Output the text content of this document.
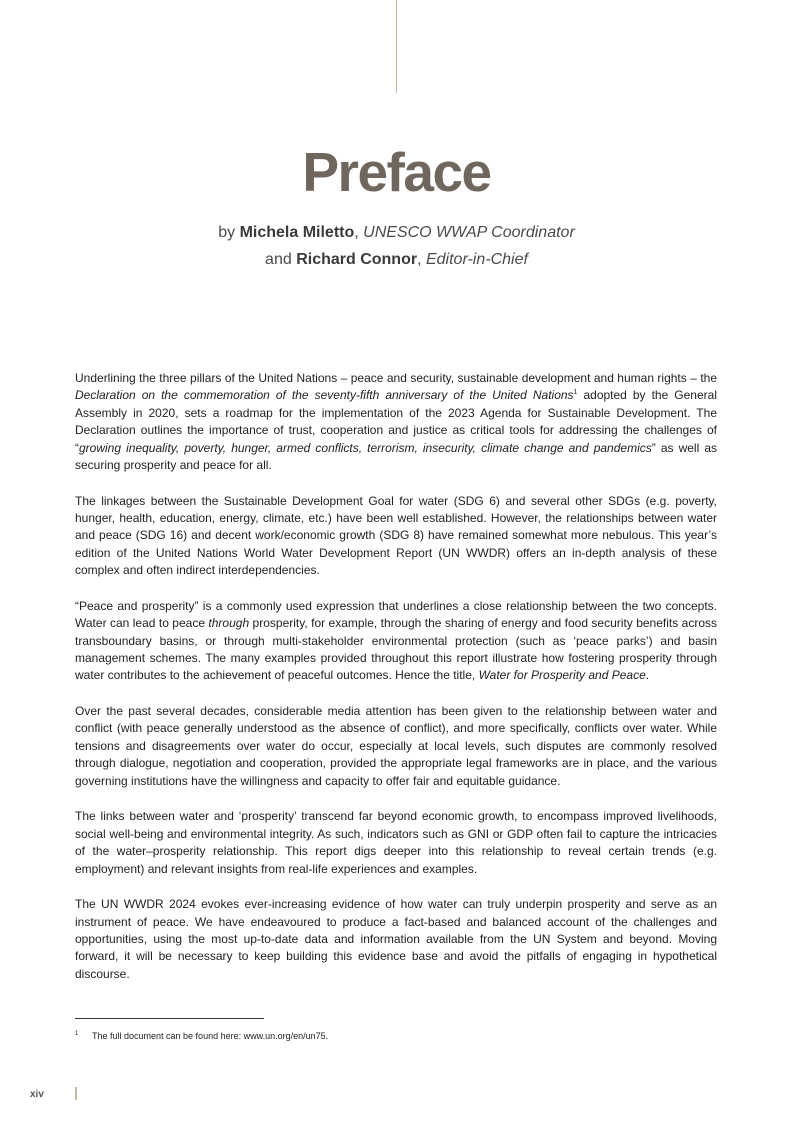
Preface
by Michela Miletto, UNESCO WWAP Coordinator
and Richard Connor, Editor-in-Chief

Underlining the three pillars of the United Nations – peace and security, sustainable development and human rights – the Declaration on the commemoration of the seventy-fifth anniversary of the United Nations$^1$ adopted by the General Assembly in 2020, sets a roadmap for the implementation of the 2023 Agenda for Sustainable Development. The Declaration outlines the importance of trust, cooperation and justice as critical tools for addressing the challenges of “growing inequality, poverty, hunger, armed conflicts, terrorism, insecurity, climate change and pandemics” as well as securing prosperity and peace for all.

The linkages between the Sustainable Development Goal for water (SDG 6) and several other SDGs (e.g. poverty, hunger, health, education, energy, climate, etc.) have been well established. However, the relationships between water and peace (SDG 16) and decent work/economic growth (SDG 8) have remained somewhat more nebulous. This year’s edition of the United Nations World Water Development Report (UN WWDR) offers an in-depth analysis of these complex and often indirect interdependencies.

“Peace and prosperity” is a commonly used expression that underlines a close relationship between the two concepts. Water can lead to peace through prosperity, for example, through the sharing of energy and food security benefits across transboundary basins, or through multi-stakeholder environmental protection (such as ‘peace parks’) and basin management schemes. The many examples provided throughout this report illustrate how fostering prosperity through water contributes to the achievement of peaceful outcomes. Hence the title, Water for Prosperity and Peace.

Over the past several decades, considerable media attention has been given to the relationship between water and conflict (with peace generally understood as the absence of conflict), and more specifically, conflicts over water. While tensions and disagreements over water do occur, especially at local levels, such disputes are commonly resolved through dialogue, negotiation and cooperation, provided the appropriate legal frameworks are in place, and the various governing institutions have the willingness and capacity to offer fair and equitable guidance.

The links between water and ‘prosperity’ transcend far beyond economic growth, to encompass improved livelihoods, social well-being and environmental integrity. As such, indicators such as GNI or GDP often fail to capture the intricacies of the water–prosperity relationship. This report digs deeper into this relationship to reveal certain trends (e.g. employment) and relevant insights from real-life experiences and examples.

The UN WWDR 2024 evokes ever-increasing evidence of how water can truly underpin prosperity and serve as an instrument of peace. We have endeavoured to produce a fact-based and balanced account of the challenges and opportunities, using the most up-to-date data and information available from the UN System and beyond. Moving forward, it will be necessary to keep building this evidence base and avoid the pitfalls of engaging in hypothetical discourse.

1 The full document can be found here: www.un.org/en/un75.
xiv
